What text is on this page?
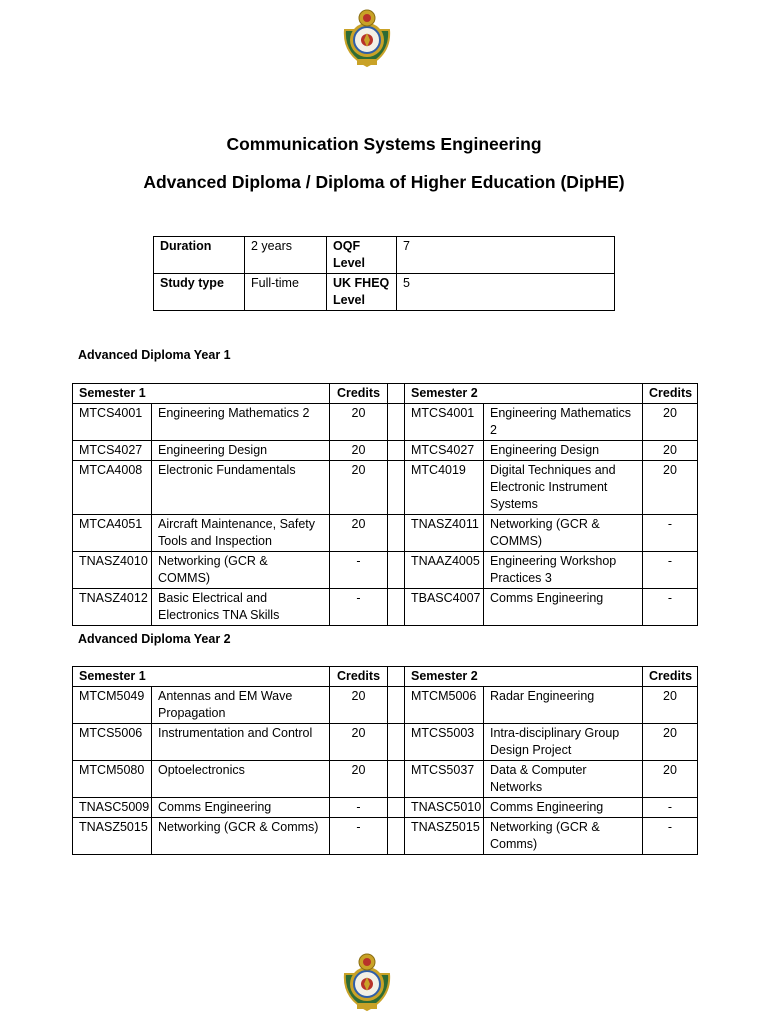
Communication Systems Engineering
Advanced Diploma / Diploma of Higher Education (DipHE)
Duration	2 years	OQF Level	7
Study type	Full-time	UK FHEQ Level	5
Advanced Diploma Year 1
Semester 1		Credits		Semester 2		Credits
MTCS4001	Engineering Mathematics 2	20		MTCS4001	Engineering Mathematics 2	20
MTCS4027	Engineering Design	20		MTCS4027	Engineering Design	20
MTCA4008	Electronic Fundamentals	20		MTC4019	Digital Techniques and Electronic Instrument Systems	20
MTCA4051	Aircraft Maintenance, Safety Tools and Inspection	20		TNASZ4011	Networking (GCR & COMMS)	-
TNASZ4010	Networking (GCR & COMMS)	-		TNAAZ4005	Engineering Workshop Practices 3	-
TNASZ4012	Basic Electrical and Electronics TNA Skills	-		TBASC4007	Comms Engineering	-
Advanced Diploma Year 2
Semester 1		Credits		Semester 2		Credits
MTCM5049	Antennas and EM Wave Propagation	20		MTCM5006	Radar Engineering	20
MTCS5006	Instrumentation and Control	20		MTCS5003	Intra-disciplinary Group Design Project	20
MTCM5080	Optoelectronics	20		MTCS5037	Data & Computer Networks	20
TNASC5009	Comms Engineering	-		TNASC5010	Comms Engineering	-
TNASZ5015	Networking (GCR & Comms)	-		TNASZ5015	Networking (GCR & Comms)	-
